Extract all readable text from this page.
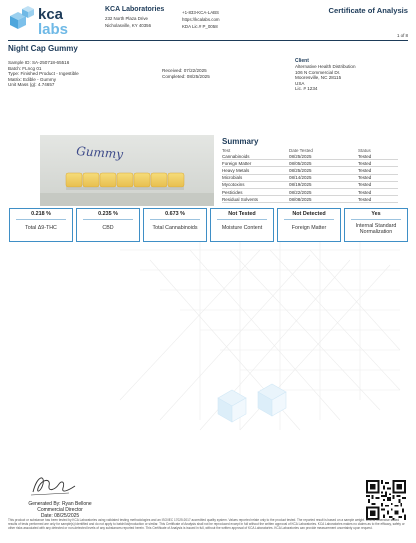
kca
labs
KCA Laboratories
232 North Plaza Drive
Nicholasville, KY 40356
+1-833-KCA-LABS
https://kcalabs.com
KDA Lic.# P_0058
Certificate of Analysis
1 of 8
Night Cap Gummy
Sample ID: SA-250718-65516
Batch: FLncg 01
Type: Finished Product - Ingestible
Matrix: Edible - Gummy
Unit Mass (g): 4.74657
Received: 07/22/2025
Completed: 08/25/2025
Client
Alternative Health Distribution
106 N Commercial Dr.
Mooresville, NC 28115
USA
Lic. # 1234
Gummy
Summary
Test	Date Tested	Status
Cannabinoids	08/25/2025	Tested
Foreign Matter	08/05/2025	Tested
Heavy Metals	08/25/2025	Tested
Microbials	08/14/2025	Tested
Mycotoxins	08/19/2025	Tested
Pesticides	08/22/2025	Tested
Residual Solvents	08/08/2025	Tested
0.218 %
Total Δ9-THC
0.235 %
CBD
0.673 %
Total Cannabinoids
Not Tested
Moisture Content
Not Detected
Foreign Matter
Yes
Internal Standard Normalization
Generated By: Ryan Bellone
Commercial Director
Date: 08/25/2025
This product or substance has been tested by KCA Laboratories using validated testing methodologies and an ISO/IEC 17025:2017 accredited quality system. Values reported relate only to the product tested. The reported result is based on a sample weight. Unless otherwise stated results of tests performed are only for sample(s) identified and do not apply to batch/lot/production or similar. This Certificate of Analysis shall not be reproduced except in full without the written approval of KCA Laboratories. KCA Laboratories makes no claims as to the efficacy, safety or other risks associated with any detected or non-detected levels of any substances reported herein. This Certificate of Analysis is issued in full, without the written approval of KCA Laboratories. KCA Laboratories can provide measurement uncertainty upon request.
